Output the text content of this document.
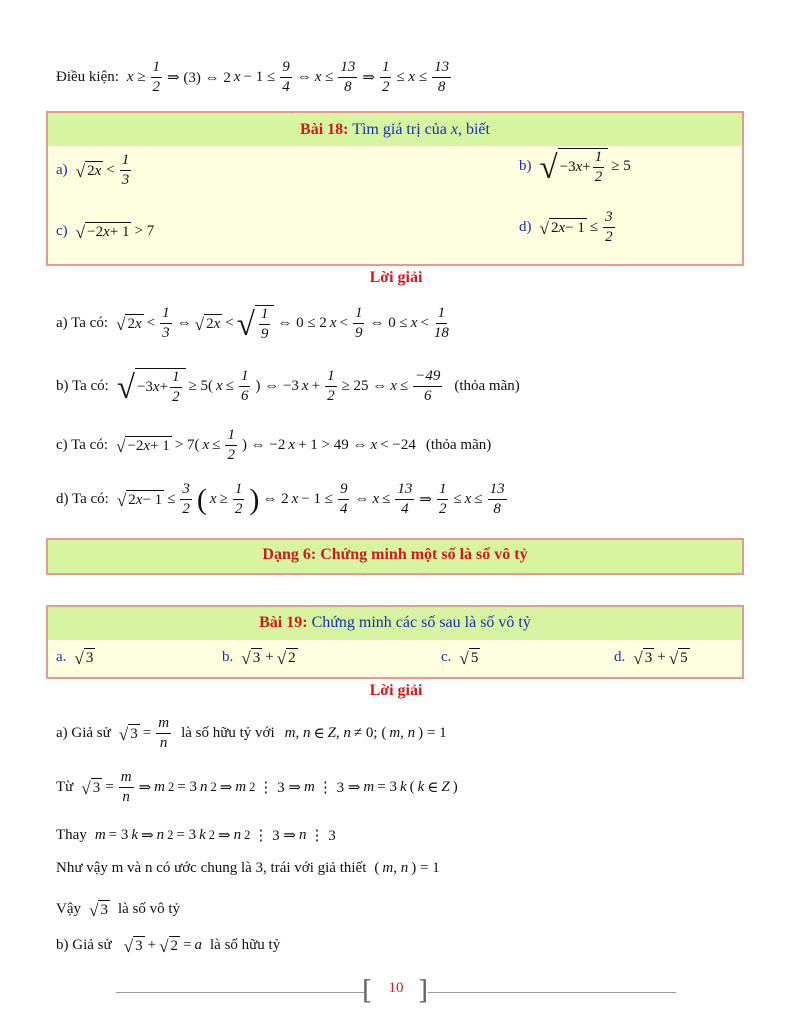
Điều kiện: $x \ge \frac{1}{2}$ ⇒ (3) ⇔ 2 $x - 1 \le \frac{9}{4}$ ⇔ $x \le \frac{13}{8}$ ⇒ $\frac{1}{2} \le x \le \frac{13}{8}$
Bài 18: Tìm giá trị của x, biết
a) √ 2 $x < \frac{1}{3}$	b) √ −3 $x + \frac{1}{2} \ge 5$
c) √ −2 x + 1 > 7	d) √ 2 $x - 1 \le \frac{3}{2}$
Lời giải
a) Ta có: √ 2 $x < \frac{1}{3}$ ⇔ √ 2 x < √ $\frac{1}{9}$ ⇔ 0 ≤ 2 $x < \frac{1}{9}$ ⇔ $0 \le x < \frac{1}{18}$
b) Ta có: √ −3 $x + \frac{1}{2} \ge 5$( $x \le \frac{1}{6}$ ) ⇔ −3 $x + \frac{1}{2} \ge 25$ ⇔ $x \le \frac{-49}{6}$ (thỏa mãn)
c) Ta có: √ −2 x + 1 > 7( $x \le \frac{1}{2}$ ) ⇔ −2 x + 1 > 49 ⇔ x < −24 (thỏa mãn)
d) Ta có: √ 2 $x - 1 \le \frac{3}{2}$ ( $x \ge \frac{1}{2}$ ) ⇔ 2 $x - 1 \le \frac{9}{4}$ ⇔ $x \le \frac{13}{4}$ ⇒ $\frac{1}{2} \le x \le \frac{13}{8}$
Dạng 6: Chứng minh một số là số vô tỷ
Bài 19: Chứng minh các số sau là số vô tỷ
a. √ 3	b. √ 3 + √ 2	c. √ 5	d. √ 3 + √ 5
Lời giải
a) Giả sử √ $3 = \frac{m}{n}$ là số hữu tỷ với m, n ∈ Z, n ≠ 0; ( m, n ) = 1
Từ √ $3 = \frac{m}{n}$ ⇒ m 2 = 3 n 2 ⇒ m 2 ⋮ 3 ⇒ m ⋮ 3 ⇒ m = 3 k ( k ∈ Z )
Thay m = 3 k ⇒ n 2 = 3 k 2 ⇒ n 2 ⋮ 3 ⇒ n ⋮ 3
Như vậy m và n có ước chung là 3, trái với giả thiết ( m, n ) = 1
Vậy √ 3 là số vô tỷ
b) Giả sử √ 3 + √ 2 = a là số hữu tỷ
[ ]
10
